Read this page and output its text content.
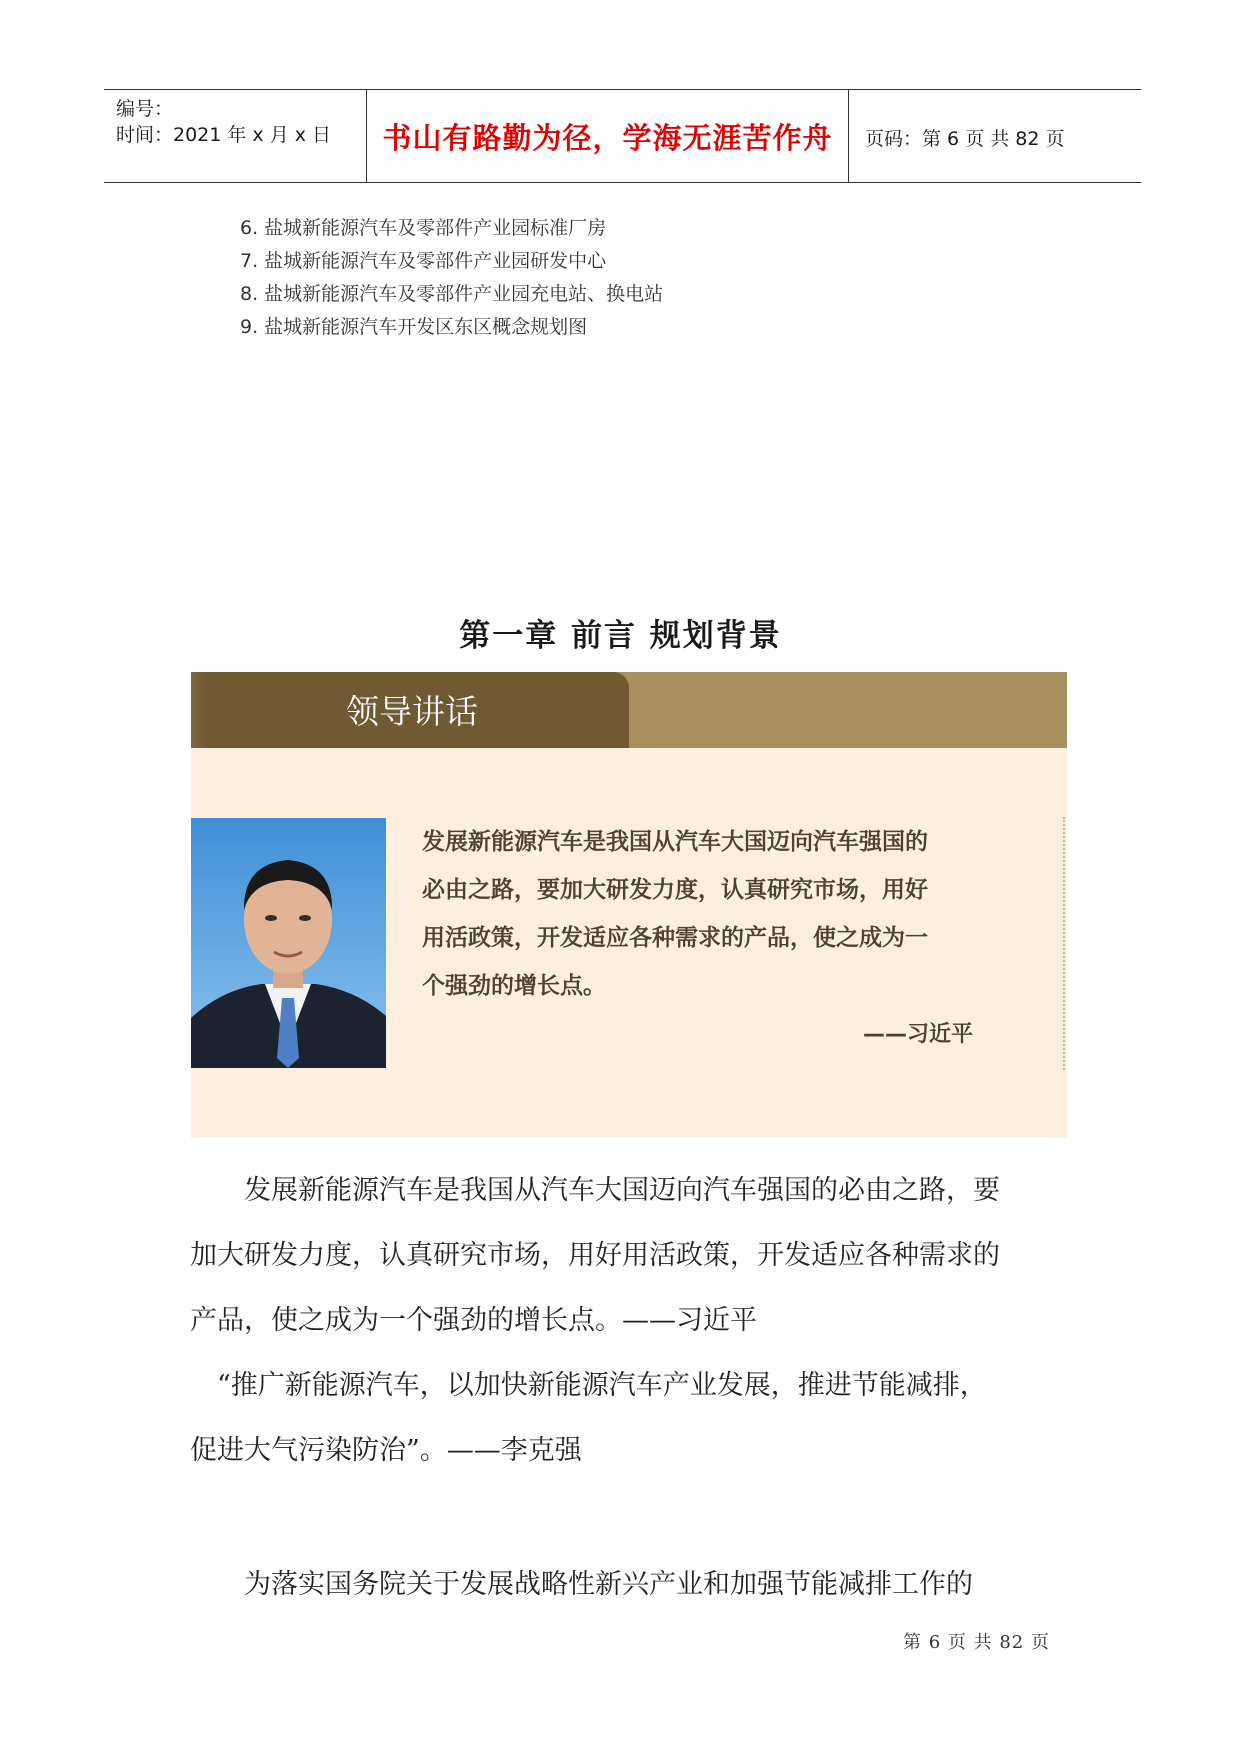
编号：
时间：2021 年 x 月 x 日	书山有路勤为径，学海无涯苦作舟	页码：第 6 页 共 82 页
6. 盐城新能源汽车及零部件产业园标准厂房
7. 盐城新能源汽车及零部件产业园研发中心
8. 盐城新能源汽车及零部件产业园充电站、换电站
9. 盐城新能源汽车开发区东区概念规划图
第一章 前言 规划背景
领导讲话
发展新能源汽车是我国从汽车大国迈向汽车强国的
必由之路，要加大研发力度，认真研究市场，用好
用活政策，开发适应各种需求的产品，使之成为一
个强劲的增长点。
——习近平

　　发展新能源汽车是我国从汽车大国迈向汽车强国的必由之路，要

加大研发力度，认真研究市场，用好用活政策，开发适应各种需求的

产品，使之成为一个强劲的增长点。——习近平

　“推广新能源汽车，以加快新能源汽车产业发展，推进节能减排，

促进大气污染防治”。——李克强

　　为落实国务院关于发展战略性新兴产业和加强节能减排工作的

第 6 页 共 82 页
